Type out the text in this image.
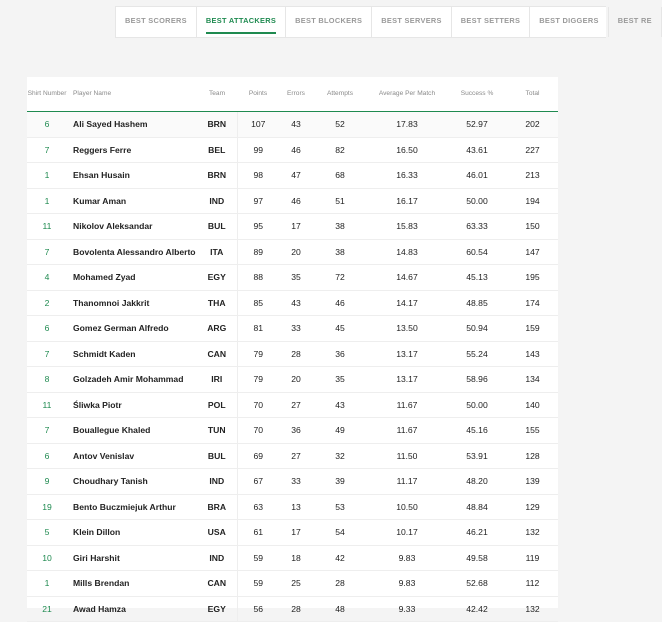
BEST SCORERS	BEST ATTACKERS	BEST BLOCKERS	BEST SERVERS	BEST SETTERS	BEST DIGGERS	BEST RE
Shirt Number	Player Name	Team	Points	Errors	Attempts	Average Per Match	Success %	Total
6	Ali Sayed Hashem	BRN	107	43	52	17.83	52.97	202
7	Reggers Ferre	BEL	99	46	82	16.50	43.61	227
1	Ehsan Husain	BRN	98	47	68	16.33	46.01	213
1	Kumar Aman	IND	97	46	51	16.17	50.00	194
11	Nikolov Aleksandar	BUL	95	17	38	15.83	63.33	150
7	Bovolenta Alessandro Alberto	ITA	89	20	38	14.83	60.54	147
4	Mohamed Zyad	EGY	88	35	72	14.67	45.13	195
2	Thanomnoi Jakkrit	THA	85	43	46	14.17	48.85	174
6	Gomez German Alfredo	ARG	81	33	45	13.50	50.94	159
7	Schmidt Kaden	CAN	79	28	36	13.17	55.24	143
8	Golzadeh Amir Mohammad	IRI	79	20	35	13.17	58.96	134
11	Śliwka Piotr	POL	70	27	43	11.67	50.00	140
7	Bouallegue Khaled	TUN	70	36	49	11.67	45.16	155
6	Antov Venislav	BUL	69	27	32	11.50	53.91	128
9	Choudhary Tanish	IND	67	33	39	11.17	48.20	139
19	Bento Buczmiejuk Arthur	BRA	63	13	53	10.50	48.84	129
5	Klein Dillon	USA	61	17	54	10.17	46.21	132
10	Giri Harshit	IND	59	18	42	9.83	49.58	119
1	Mills Brendan	CAN	59	25	28	9.83	52.68	112
21	Awad Hamza	EGY	56	28	48	9.33	42.42	132
